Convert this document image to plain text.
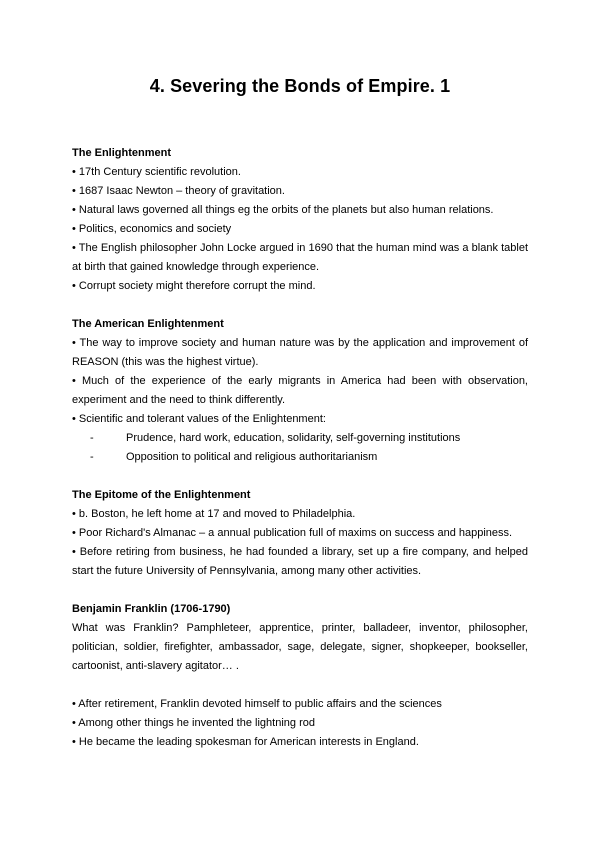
4. Severing the Bonds of Empire. 1
The Enlightenment
• 17th Century scientific revolution.
• 1687 Isaac Newton – theory of gravitation.
• Natural laws governed all things eg the orbits of the planets but also human relations.
• Politics, economics and society
• The English philosopher John Locke argued in 1690 that the human mind was a blank tablet at birth that gained knowledge through experience.
• Corrupt society might therefore corrupt the mind.
The American Enlightenment
• The way to improve society and human nature was by the application and improvement of REASON (this was the highest virtue).
• Much of the experience of the early migrants in America had been with observation, experiment and the need to think differently.
• Scientific and tolerant values of the Enlightenment:
-	Prudence, hard work, education, solidarity, self-governing institutions
-	Opposition to political and religious authoritarianism
The Epitome of the Enlightenment
• b. Boston, he left home at 17 and moved to Philadelphia.
• Poor Richard's Almanac – a annual publication full of maxims on success and happiness.
• Before retiring from business, he had founded a library, set up a fire company, and helped start the future University of Pennsylvania, among many other activities.
Benjamin Franklin (1706-1790)
What was Franklin? Pamphleteer, apprentice, printer, balladeer, inventor, philosopher, politician, soldier, firefighter, ambassador, sage, delegate, signer, shopkeeper, bookseller, cartoonist, anti-slavery agitator… .
• After retirement, Franklin devoted himself to public affairs and the sciences
• Among other things he invented the lightning rod
• He became the leading spokesman for American interests in England.
